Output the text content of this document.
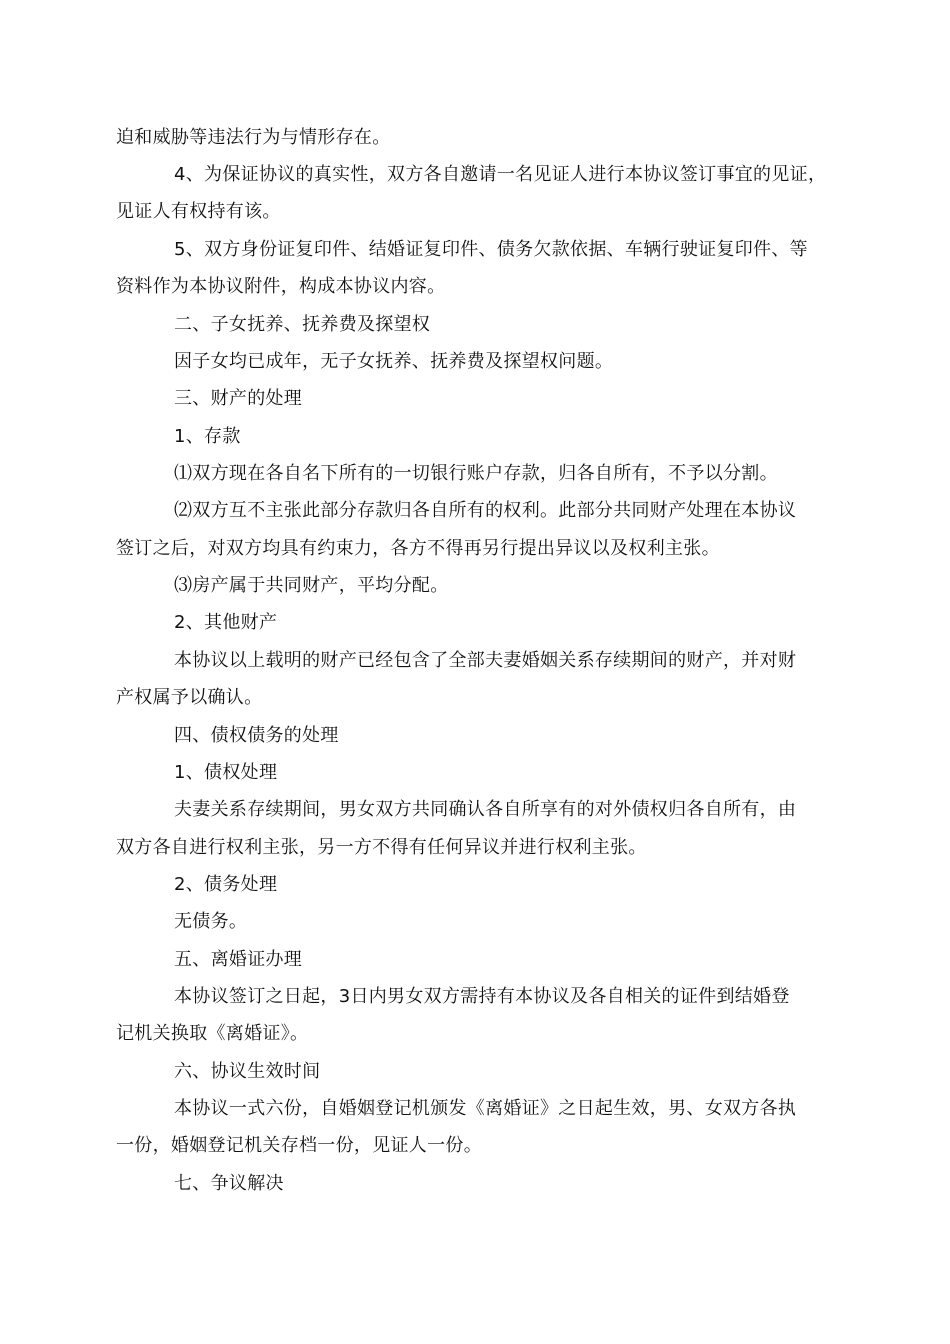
迫和威胁等违法行为与情形存在。
4、为保证协议的真实性，双方各自邀请一名见证人进行本协议签订事宜的见证，
见证人有权持有该。
5、双方身份证复印件、结婚证复印件、债务欠款依据、车辆行驶证复印件、等
资料作为本协议附件，构成本协议内容。
二、子女抚养、抚养费及探望权
因子女均已成年，无子女抚养、抚养费及探望权问题。
三、财产的处理
1、存款
⑴双方现在各自名下所有的一切银行账户存款，归各自所有，不予以分割。
⑵双方互不主张此部分存款归各自所有的权利。此部分共同财产处理在本协议
签订之后，对双方均具有约束力，各方不得再另行提出异议以及权利主张。
⑶房产属于共同财产，平均分配。
2、其他财产
本协议以上载明的财产已经包含了全部夫妻婚姻关系存续期间的财产，并对财
产权属予以确认。
四、债权债务的处理
1、债权处理
夫妻关系存续期间，男女双方共同确认各自所享有的对外债权归各自所有，由
双方各自进行权利主张，另一方不得有任何异议并进行权利主张。
2、债务处理
无债务。
五、离婚证办理
本协议签订之日起，3日内男女双方需持有本协议及各自相关的证件到结婚登
记机关换取《离婚证》。
六、协议生效时间
本协议一式六份，自婚姻登记机颁发《离婚证》之日起生效，男、女双方各执
一份，婚姻登记机关存档一份，见证人一份。
七、争议解决
